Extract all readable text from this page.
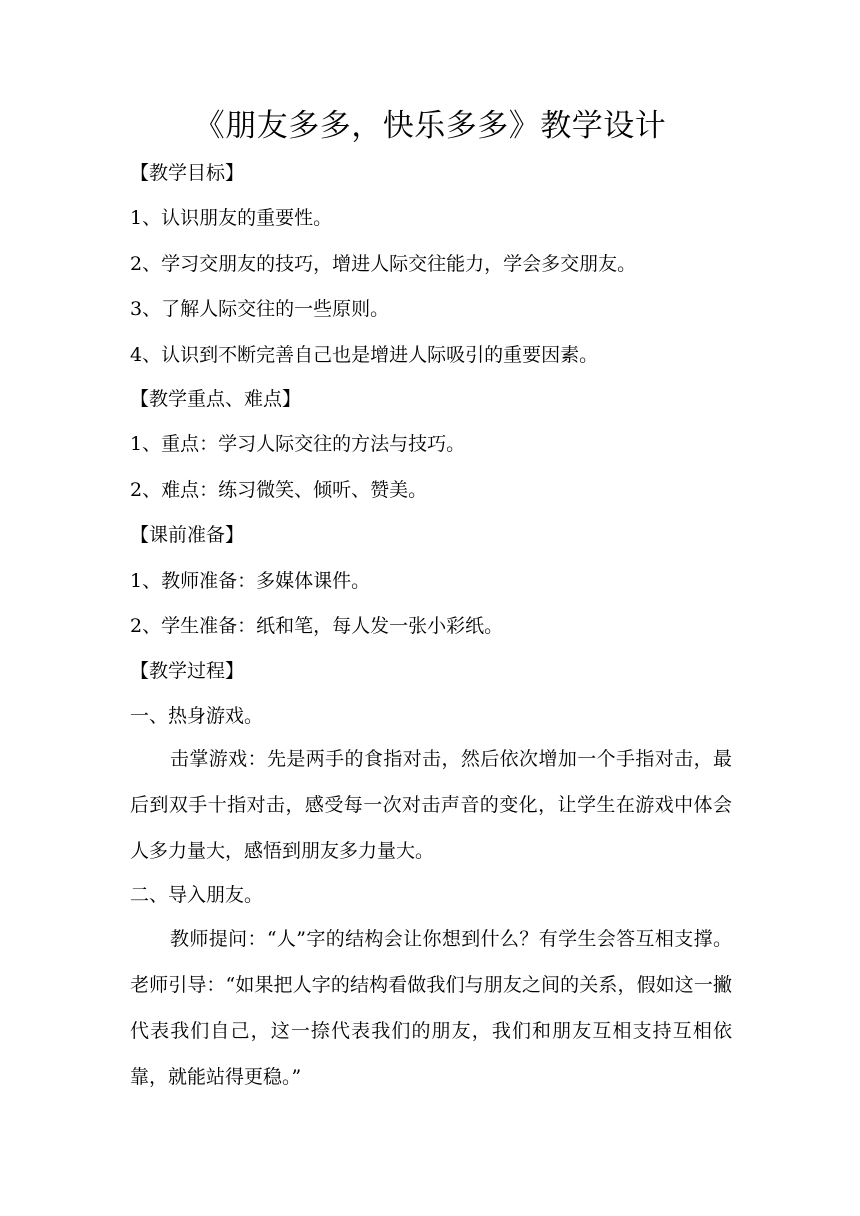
《朋友多多，快乐多多》教学设计
【教学目标】
1、认识朋友的重要性。
2、学习交朋友的技巧，增进人际交往能力，学会多交朋友。
3、了解人际交往的一些原则。
4、认识到不断完善自己也是增进人际吸引的重要因素。
【教学重点、难点】
1、重点：学习人际交往的方法与技巧。
2、难点：练习微笑、倾听、赞美。
【课前准备】
1、教师准备：多媒体课件。
2、学生准备：纸和笔，每人发一张小彩纸。
【教学过程】
一、热身游戏。
击掌游戏：先是两手的食指对击，然后依次增加一个手指对击，最后到双手十指对击，感受每一次对击声音的变化，让学生在游戏中体会人多力量大，感悟到朋友多力量大。
二、导入朋友。
教师提问：“人”字的结构会让你想到什么？有学生会答互相支撑。老师引导：“如果把人字的结构看做我们与朋友之间的关系，假如这一撇代表我们自己，这一捺代表我们的朋友，我们和朋友互相支持互相依靠，就能站得更稳。”
